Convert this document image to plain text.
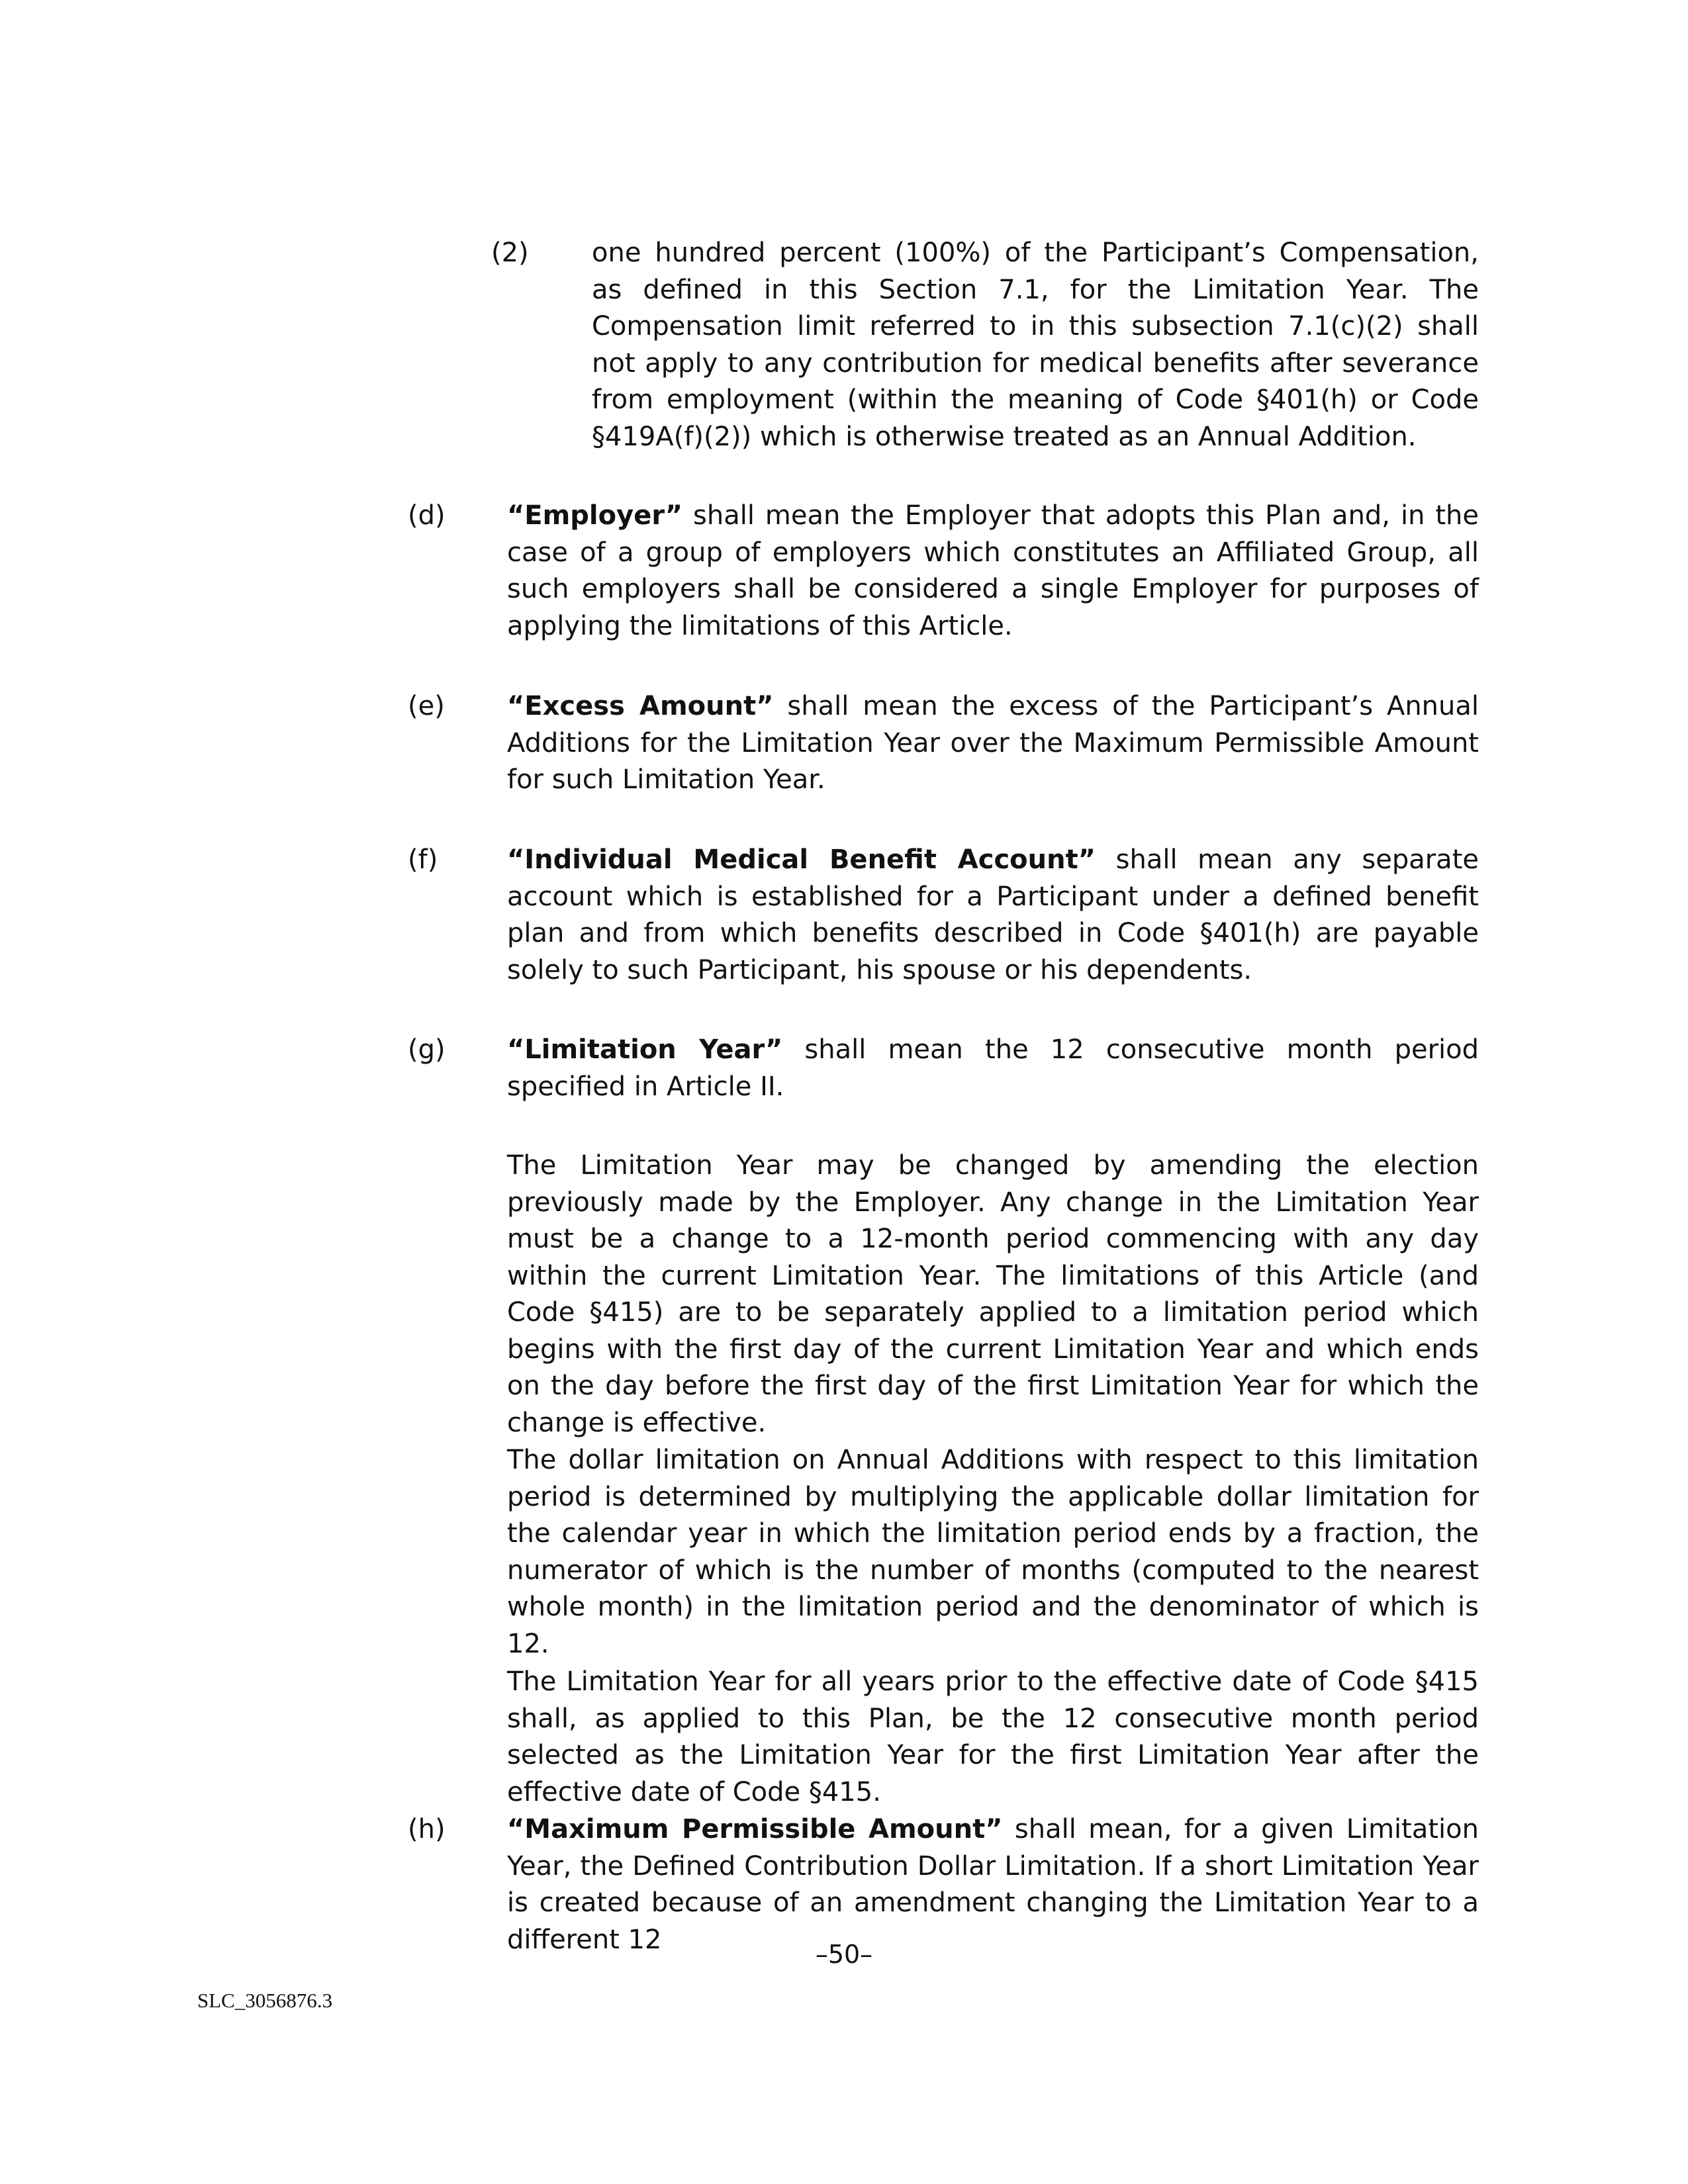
(2) one hundred percent (100%) of the Participant’s Compensation, as defined in this Section 7.1, for the Limitation Year. The Compensation limit referred to in this subsection 7.1(c)(2) shall not apply to any contribution for medical benefits after severance from employment (within the meaning of Code §401(h) or Code §419A(f)(2)) which is otherwise treated as an Annual Addition.

(d) “Employer” shall mean the Employer that adopts this Plan and, in the case of a group of employers which constitutes an Affiliated Group, all such employers shall be considered a single Employer for purposes of applying the limitations of this Article.

(e) “Excess Amount” shall mean the excess of the Participant’s Annual Additions for the Limitation Year over the Maximum Permissible Amount for such Limitation Year.

(f)	“Individual Medical Benefit Account” shall mean any separate account which is established for a Participant under a defined benefit plan and from which benefits described in Code §401(h) are payable solely to such Participant, his spouse or his dependents.

(g) “Limitation Year” shall mean the 12 consecutive month period specified in Article II.

The Limitation Year may be changed by amending the election previously made by the Employer. Any change in the Limitation Year must be a change to a 12-month period commencing with any day within the current Limitation Year. The limitations of this Article (and Code §415) are to be separately applied to a limitation period which begins with the first day of the current Limitation Year and which ends on the day before the first day of the first Limitation Year for which the change is effective.

The dollar limitation on Annual Additions with respect to this limitation period is determined by multiplying the applicable dollar limitation for the calendar year in which the limitation period ends by a fraction, the numerator of which is the number of months (computed to the nearest whole month) in the limitation period and the denominator of which is 12.

The Limitation Year for all years prior to the effective date of Code §415 shall, as applied to this Plan, be the 12 consecutive month period selected as the Limitation Year for the first Limitation Year after the effective date of Code §415.

(h) “Maximum Permissible Amount” shall mean, for a given Limitation Year, the Defined Contribution Dollar Limitation. If a short Limitation Year is created because of an amendment changing the Limitation Year to a different 12	–50–
SLC_3056876.3
